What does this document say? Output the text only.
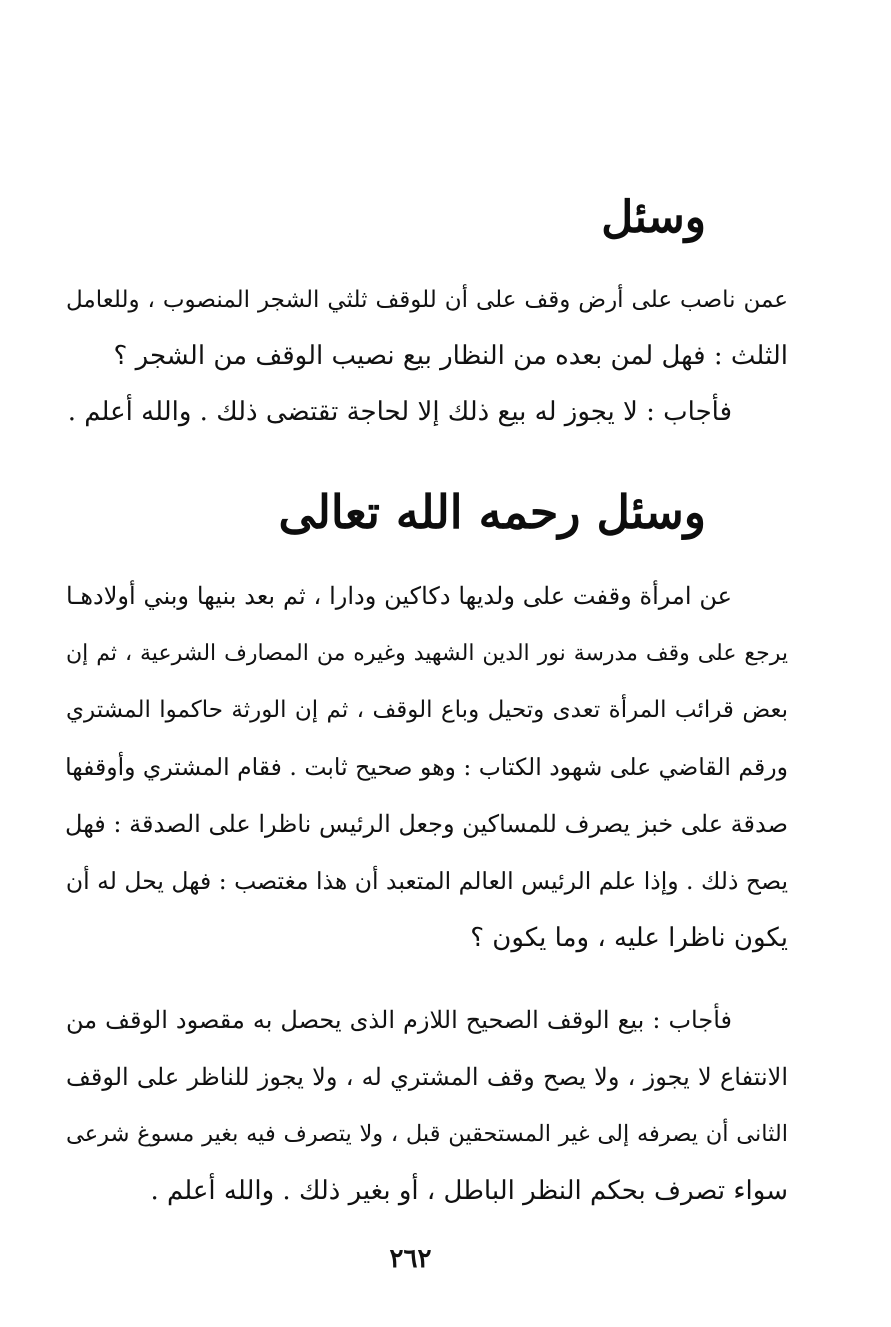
وسئل
عمن ناصب على أرض وقف على أن للوقف ثلثي الشجر المنصوب ، وللعامل
الثلث : فهل لمن بعده من النظار بيع نصيب الوقف من الشجر ؟
فأجاب : لا يجوز له بيع ذلك إلا لحاجة تقتضى ذلك . والله أعلم .
وسئل رحمه الله تعالى
عن امرأة وقفت على ولديها دكاكين ودارا ، ثم بعد بنيها وبني أولادهـا
يرجع على وقف مدرسة نور الدين الشهيد وغيره من المصارف الشرعية ، ثم إن
بعض قرائب المرأة تعدى وتحيل وباع الوقف ، ثم إن الورثة حاكموا المشتري
ورقم القاضي على شهود الكتاب : وهو صحيح ثابت . فقام المشتري وأوقفها
صدقة على خبز يصرف للمساكين وجعل الرئيس ناظرا على الصدقة : فهل
يصح ذلك . وإذا علم الرئيس العالم المتعبد أن هذا مغتصب : فهل يحل له أن
يكون ناظرا عليه ، وما يكون ؟
فأجاب : بيع الوقف الصحيح اللازم الذى يحصل به مقصود الوقف من
الانتفاع لا يجوز ، ولا يصح وقف المشتري له ، ولا يجوز للناظر على الوقف
الثانى أن يصرفه إلى غير المستحقين قبل ، ولا يتصرف فيه بغير مسوغ شرعى
سواء تصرف بحكم النظر الباطل ، أو بغير ذلك . والله أعلم .
٢٦٢
